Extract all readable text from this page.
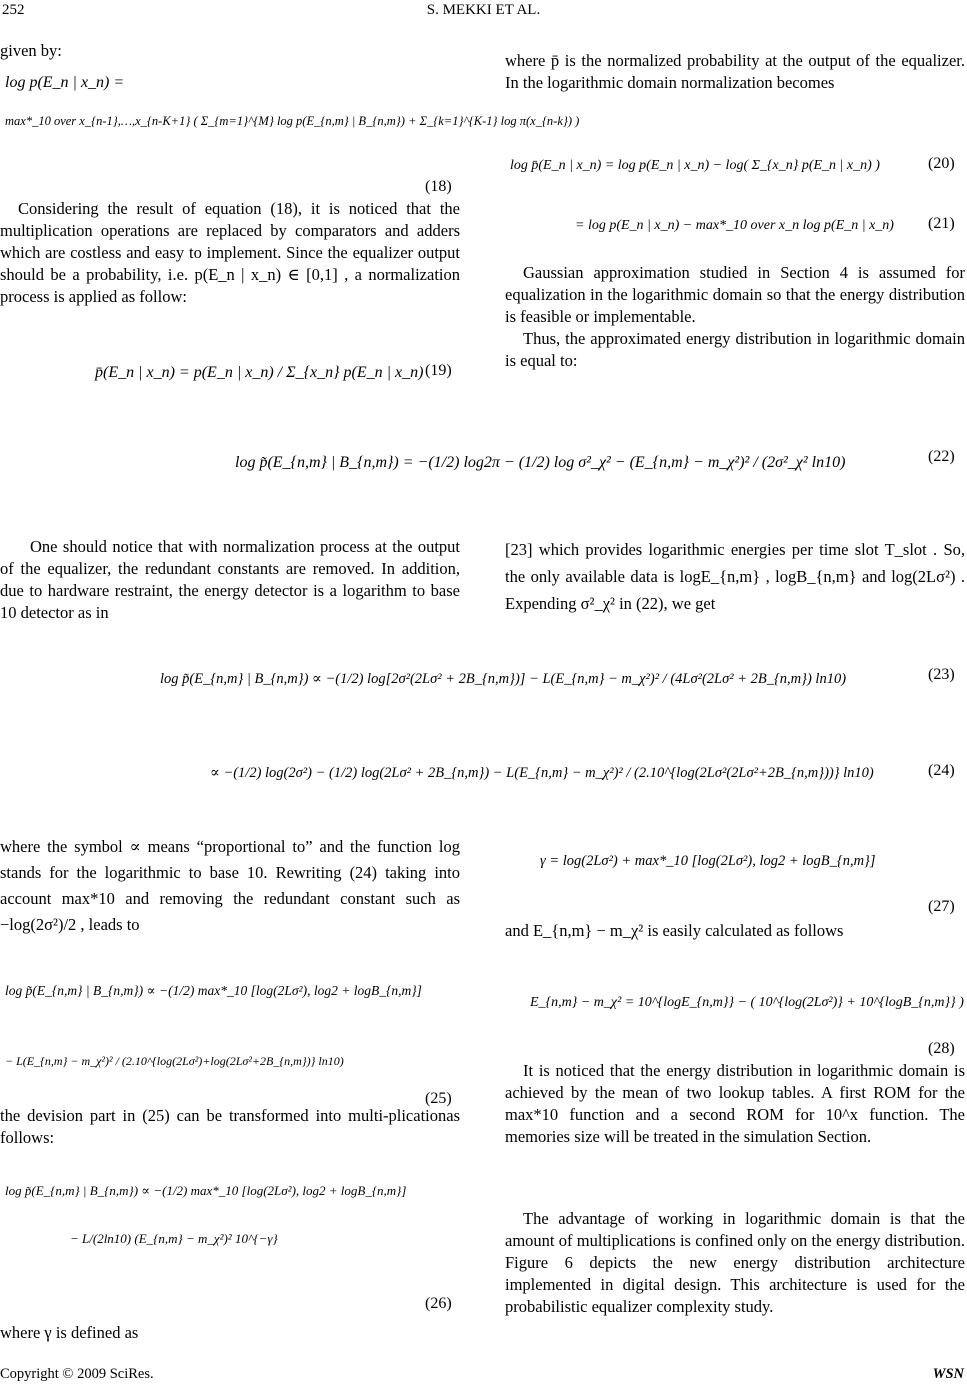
252	S. MEKKI ET AL.
given by:
log p(E_n | x_n) =
max*_10 over x_{n-1},…,x_{n-K+1} ( Σ_{m=1}^{M} log p(E_{n,m} | B_{n,m}) + Σ_{k=1}^{K-1} log π(x_{n-k}) )
(18)
Considering the result of equation (18), it is noticed that the multiplication operations are replaced by comparators and adders which are costless and easy to implement. Since the equalizer output should be a probability, i.e. p(E_n | x_n) ∈ [0,1] , a normalization process is applied as follow:
p̄(E_n | x_n) = p(E_n | x_n) / Σ_{x_n} p(E_n | x_n) (19)
where p̄ is the normalized probability at the output of the equalizer. In the logarithmic domain normalization becomes
log p̄(E_n | x_n) = log p(E_n | x_n) − log( Σ_{x_n} p(E_n | x_n) )	(20)
= log p(E_n | x_n) − max*_10 over x_n log p(E_n | x_n) (21)
Gaussian approximation studied in Section 4 is assumed for equalization in the logarithmic domain so that the energy distribution is feasible or implementable.
Thus, the approximated energy distribution in logarithmic domain is equal to:
log p̃(E_{n,m} | B_{n,m}) = −(1/2) log2π − (1/2) log σ²_χ² − (E_{n,m} − m_χ²)² / (2σ²_χ² ln10)	(22)
One should notice that with normalization process at the output of the equalizer, the redundant constants are removed. In addition, due to hardware restraint, the energy detector is a logarithm to base 10 detector as in
[23] which provides logarithmic energies per time slot T_slot . So, the only available data is logE_{n,m} , logB_{n,m} and log(2Lσ²) . Expending σ²_χ² in (22), we get
log p̃(E_{n,m} | B_{n,m}) ∝ −(1/2) log[2σ²(2Lσ² + 2B_{n,m})] − L(E_{n,m} − m_χ²)² / (4Lσ²(2Lσ² + 2B_{n,m}) ln10)	(23)
∝ −(1/2) log(2σ²) − (1/2) log(2Lσ² + 2B_{n,m}) − L(E_{n,m} − m_χ²)² / (2.10^{log(2Lσ²(2Lσ²+2B_{n,m}))} ln10)	(24)
where the symbol ∝ means “proportional to” and the function log stands for the logarithmic to base 10. Rewriting (24) taking into account max*10 and removing the redundant constant such as −log(2σ²)/2 , leads to
γ = log(2Lσ²) + max*_10 [log(2Lσ²), log2 + logB_{n,m}]
(27)
and E_{n,m} − m_χ² is easily calculated as follows
log p̃(E_{n,m} | B_{n,m}) ∝ −(1/2) max*_10 [log(2Lσ²), log2 + logB_{n,m}]
− L(E_{n,m} − m_χ²)² / (2.10^{log(2Lσ²)+log(2Lσ²+2B_{n,m})} ln10)
(25)
E_{n,m} − m_χ² = 10^{logE_{n,m}} − ( 10^{log(2Lσ²)} + 10^{logB_{n,m}} )
(28)
the devision part in (25) can be transformed into multi-plicationas follows:
It is noticed that the energy distribution in logarithmic domain is achieved by the mean of two lookup tables. A first ROM for the max*10 function and a second ROM for 10^x function. The memories size will be treated in the simulation Section.
log p̃(E_{n,m} | B_{n,m}) ∝ −(1/2) max*_10 [log(2Lσ²), log2 + logB_{n,m}]
− L/(2ln10) (E_{n,m} − m_χ²)² 10^{−γ}
(26)
where γ is defined as
The advantage of working in logarithmic domain is that the amount of multiplications is confined only on the energy distribution. Figure 6 depicts the new energy distribution architecture implemented in digital design. This architecture is used for the probabilistic equalizer complexity study.
Copyright © 2009 SciRes.	WSN
